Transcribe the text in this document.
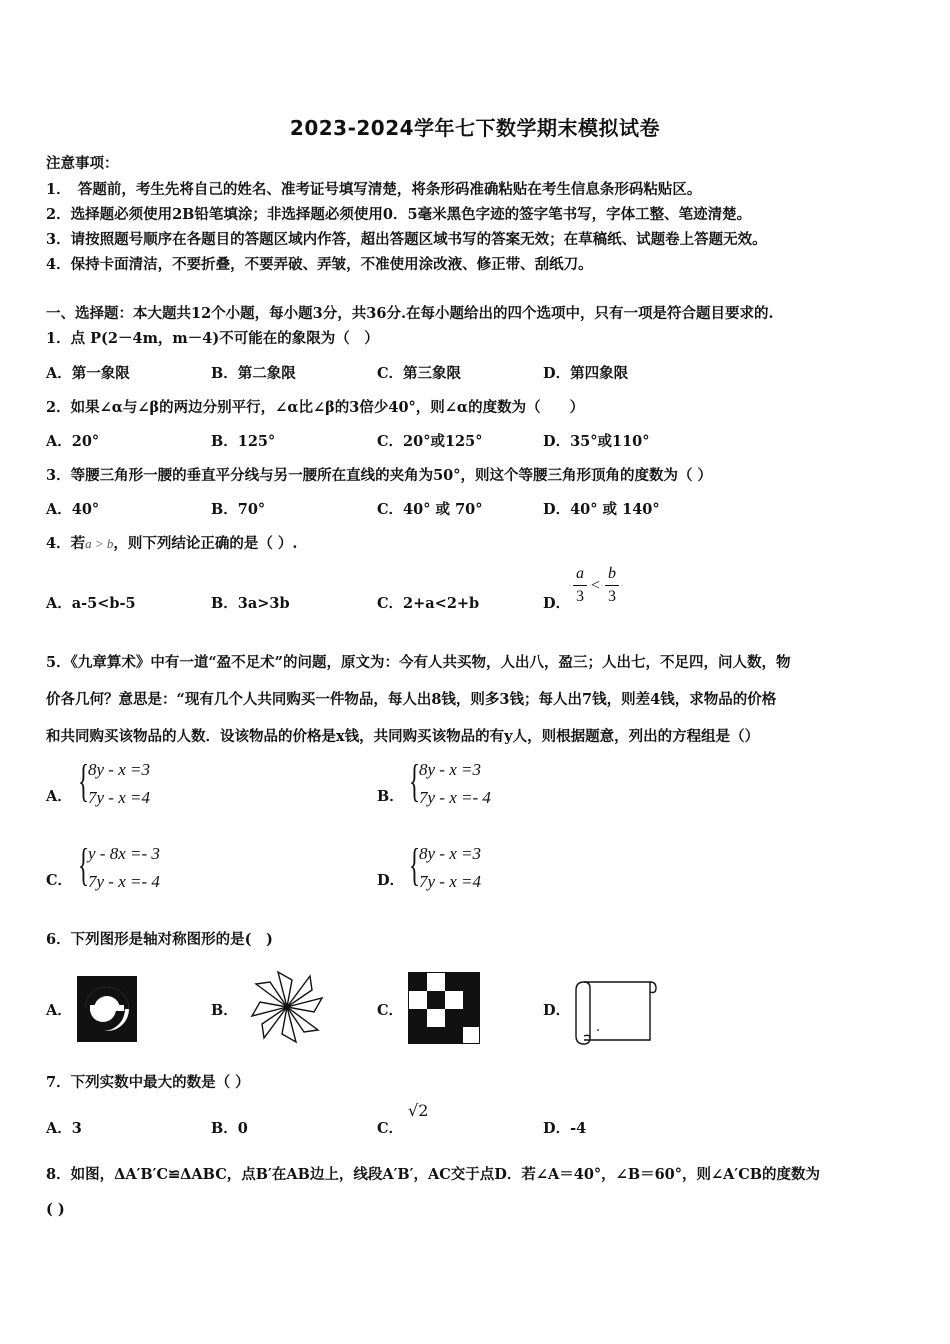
2023-2024学年七下数学期末模拟试卷
注意事项：
1．　答题前，考生先将自己的姓名、准考证号填写清楚，将条形码准确粘贴在考生信息条形码粘贴区。
2．选择题必须使用2B铅笔填涂；非选择题必须使用0．5毫米黑色字迹的签字笔书写，字体工整、笔迹清楚。
3．请按照题号顺序在各题目的答题区域内作答，超出答题区域书写的答案无效；在草稿纸、试题卷上答题无效。
4．保持卡面清洁，不要折叠，不要弄破、弄皱，不准使用涂改液、修正带、刮纸刀。
一、选择题：本大题共12个小题，每小题3分，共36分.在每小题给出的四个选项中，只有一项是符合题目要求的.
1．点 P(2－4m，m－4)不可能在的象限为（　）
A．第一象限	B．第二象限	C．第三象限	D．第四象限
2．如果∠α与∠β的两边分别平行，∠α比∠β的3倍少40°，则∠α的度数为（　　）
A．20°	B．125°	C．20°或125°	D．35°或110°
3．等腰三角形一腰的垂直平分线与另一腰所在直线的夹角为50°，则这个等腰三角形顶角的度数为（ ）
A．40°	B．70°	C．40° 或 70°	D．40° 或 140°
4．若a > b，则下列结论正确的是（ ）.
A．a-5<b-5	B．3a>3b	C．2+a<2+b	D．
a
3
<
b
3
5．《九章算术》中有一道“盈不足术”的问题，原文为：今有人共买物，人出八，盈三；人出七，不足四，问人数，物
价各几何？意思是：“现有几个人共同购买一件物品，每人出8钱，则多3钱；每人出7钱，则差4钱，求物品的价格
和共同购买该物品的人数．设该物品的价格是x钱，共同购买该物品的有y人，则根据题意，列出的方程组是（）
A． {
8y - x =3
7y - x =4	B． {
8y - x =3
7y - x =- 4
C． {
y - 8x =- 3
7y - x =- 4	D． {
8y - x =3
7y - x =4
6．下列图形是轴对称图形的是(　)
A．	B．	C．	D．
7．下列实数中最大的数是（ ）
A．3	B．0	C．
√2
D．-4
8．如图，ΔA′B′C≌ΔABC，点B′在AB边上，线段A′B′，AC交于点D．若∠A＝40°，∠B＝60°，则∠A′CB的度数为
( )
